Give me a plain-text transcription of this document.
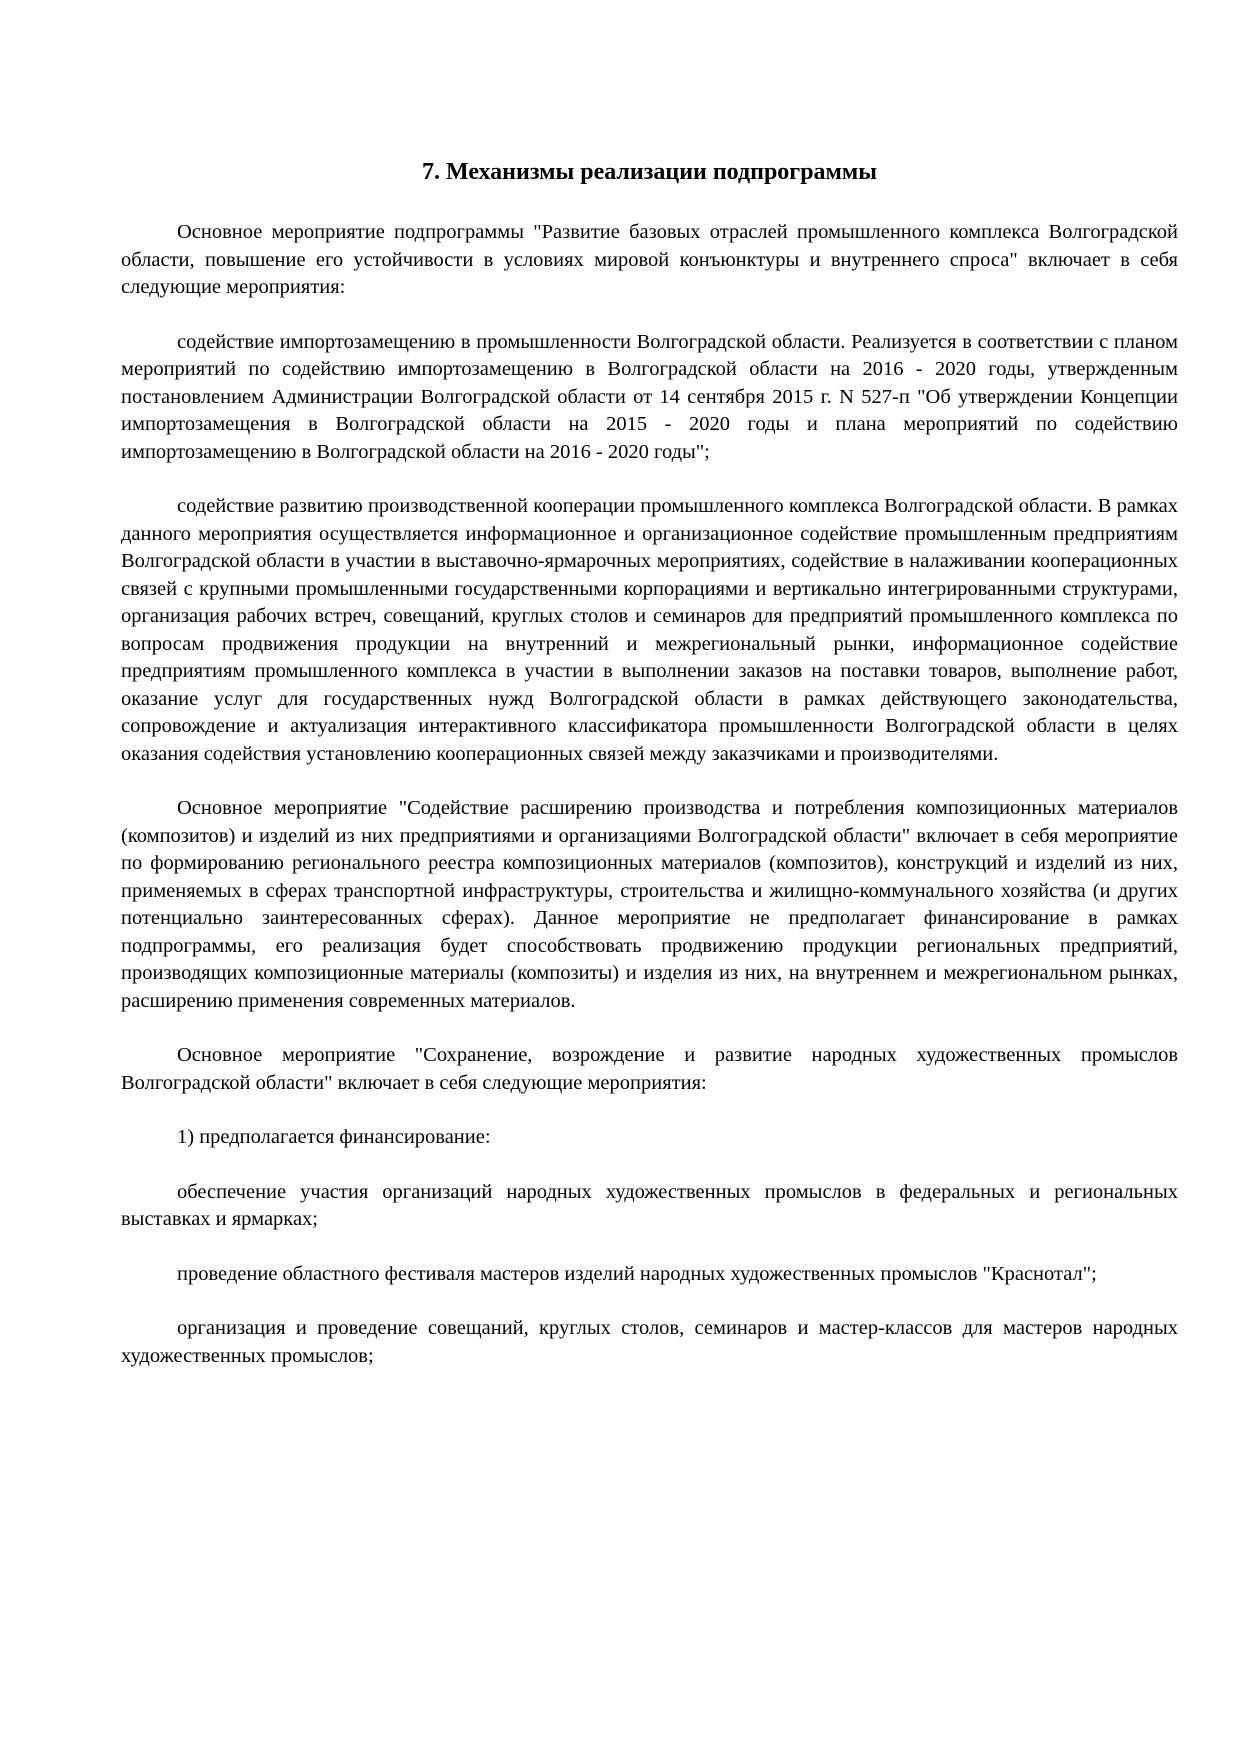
7. Механизмы реализации подпрограммы

Основное мероприятие подпрограммы "Развитие базовых отраслей промышленного комплекса Волгоградской области, повышение его устойчивости в условиях мировой конъюнктуры и внутреннего спроса" включает в себя следующие мероприятия:

содействие импортозамещению в промышленности Волгоградской области. Реализуется в соответствии с планом мероприятий по содействию импортозамещению в Волгоградской области на 2016 - 2020 годы, утвержденным постановлением Администрации Волгоградской области от 14 сентября 2015 г. N 527-п "Об утверждении Концепции импортозамещения в Волгоградской области на 2015 - 2020 годы и плана мероприятий по содействию импортозамещению в Волгоградской области на 2016 - 2020 годы";

содействие развитию производственной кооперации промышленного комплекса Волгоградской области. В рамках данного мероприятия осуществляется информационное и организационное содействие промышленным предприятиям Волгоградской области в участии в выставочно-ярмарочных мероприятиях, содействие в налаживании кооперационных связей с крупными промышленными государственными корпорациями и вертикально интегрированными структурами, организация рабочих встреч, совещаний, круглых столов и семинаров для предприятий промышленного комплекса по вопросам продвижения продукции на внутренний и межрегиональный рынки, информационное содействие предприятиям промышленного комплекса в участии в выполнении заказов на поставки товаров, выполнение работ, оказание услуг для государственных нужд Волгоградской области в рамках действующего законодательства, сопровождение и актуализация интерактивного классификатора промышленности Волгоградской области в целях оказания содействия установлению кооперационных связей между заказчиками и производителями.

Основное мероприятие "Содействие расширению производства и потребления композиционных материалов (композитов) и изделий из них предприятиями и организациями Волгоградской области" включает в себя мероприятие по формированию регионального реестра композиционных материалов (композитов), конструкций и изделий из них, применяемых в сферах транспортной инфраструктуры, строительства и жилищно-коммунального хозяйства (и других потенциально заинтересованных сферах). Данное мероприятие не предполагает финансирование в рамках подпрограммы, его реализация будет способствовать продвижению продукции региональных предприятий, производящих композиционные материалы (композиты) и изделия из них, на внутреннем и межрегиональном рынках, расширению применения современных материалов.

Основное мероприятие "Сохранение, возрождение и развитие народных художественных промыслов Волгоградской области" включает в себя следующие мероприятия:

1) предполагается финансирование:

обеспечение участия организаций народных художественных промыслов в федеральных и региональных выставках и ярмарках;

проведение областного фестиваля мастеров изделий народных художественных промыслов "Краснотал";

организация и проведение совещаний, круглых столов, семинаров и мастер-классов для мастеров народных художественных промыслов;
